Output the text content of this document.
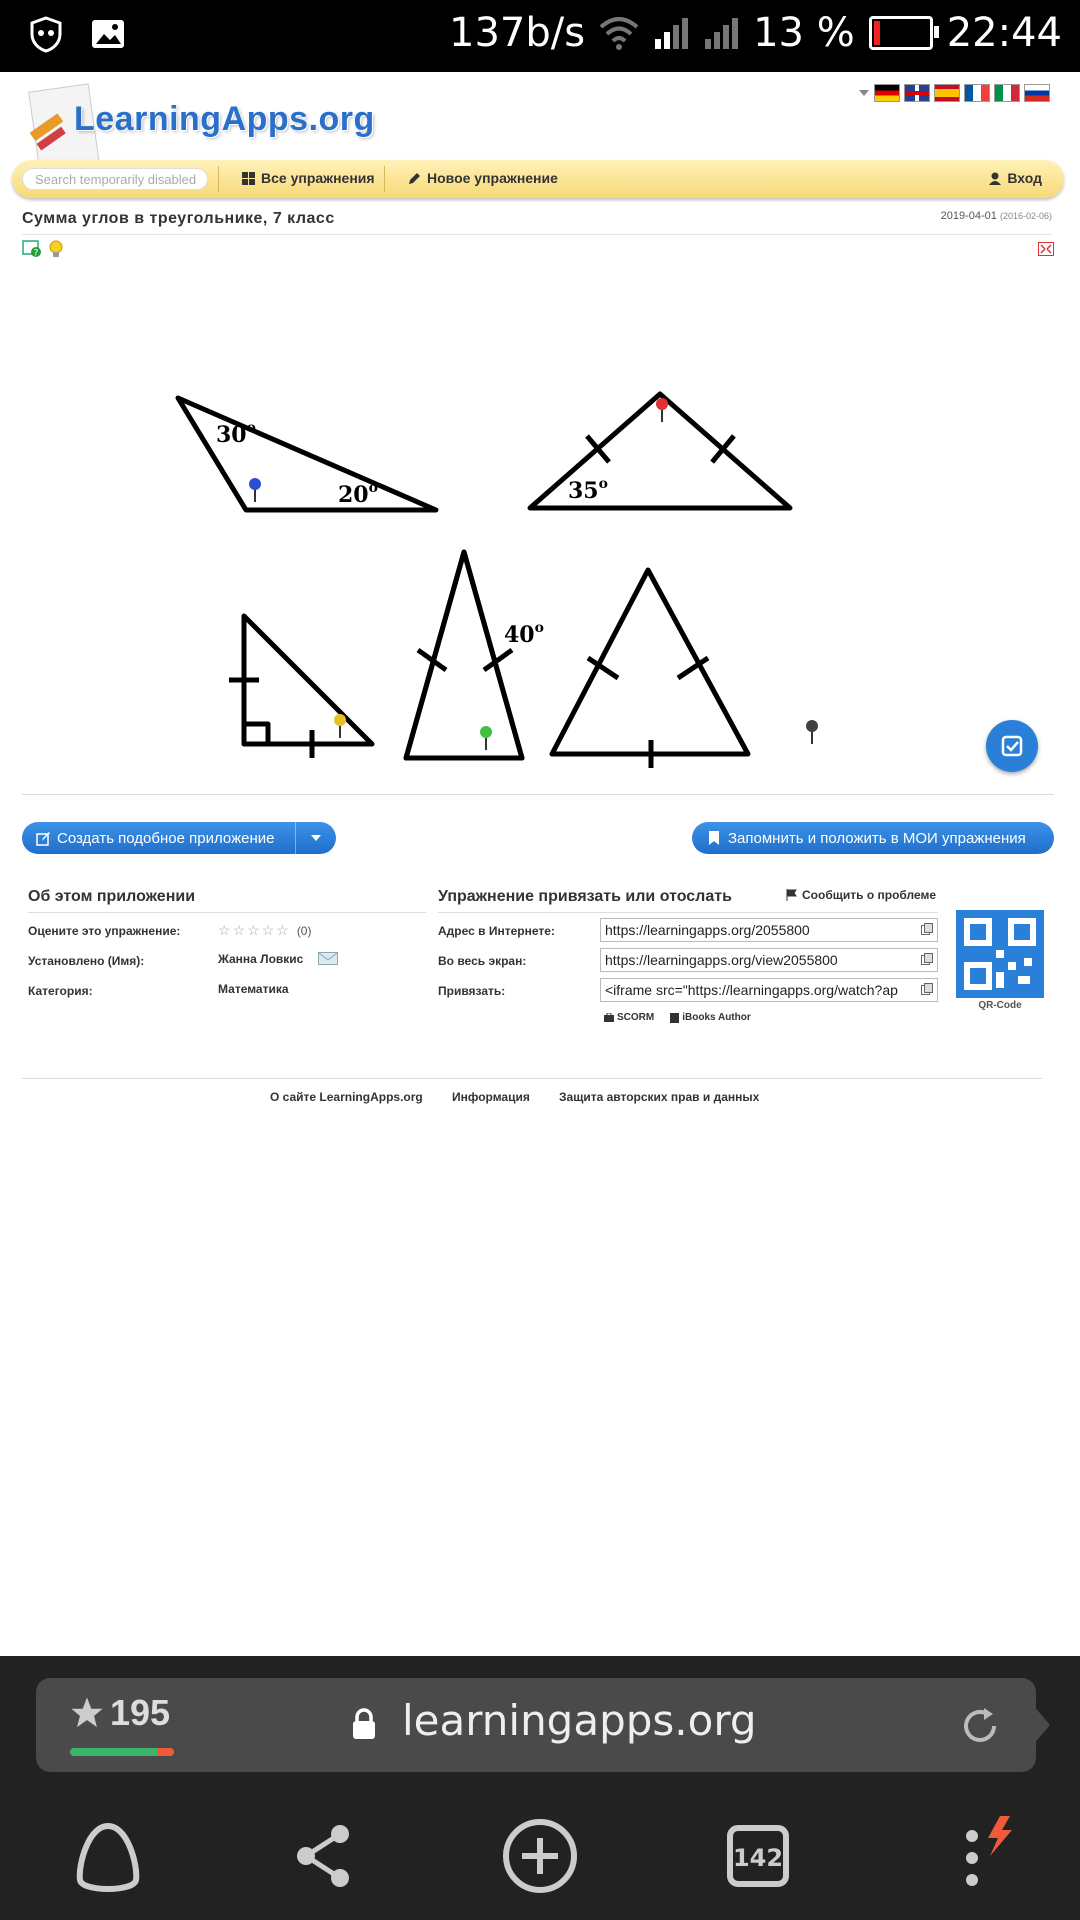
137b/s	13 % 22:44
LearningApps.org
Search temporarily disabled	Все упражнения	Новое упражнение	Вход
Сумма углов в треугольнике, 7 класс	2019-04-01 (2016-02-06)
?
30$^o$
20$^o$	35$^o$
40$^o$
Создать подобное приложение	Запомнить и положить в МОИ упражнения
Об этом приложении
Оцените это упражнение:	☆ ☆ ☆ ☆ ☆ (0)
Установлено (Имя):	Жанна Ловкис
Категория:	Математика
Упражнение привязать или отослать	Сообщить о проблеме
Адрес в Интернете:	https://learningapps.org/2055800
Во весь экран:	https://learningapps.org/view2055800
Привязать:	<iframe src="https://learningapps.org/watch?ap
SCORM	iBooks Author
QR-Code
О сайте LearningApps.org Информация Защита авторских прав и данных
195	learningapps.org
142
